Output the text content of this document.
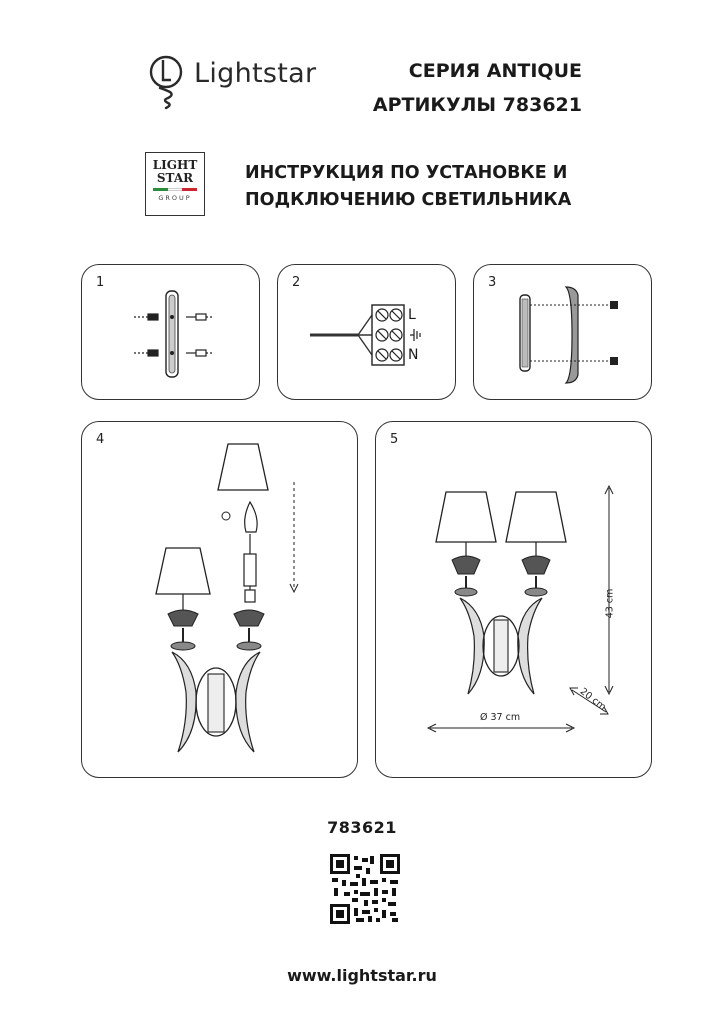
Lightstar	СЕРИЯ ANTIQUE
АРТИКУЛЫ 783621
LIGHT
STAR
GROUP
ИНСТРУКЦИЯ ПО УСТАНОВКЕ И
ПОДКЛЮЧЕНИЮ СВЕТИЛЬНИКА
1	2
L
N
3
4	5
43 cm
20 cm
Ø 37 cm
783621
www.lightstar.ru
